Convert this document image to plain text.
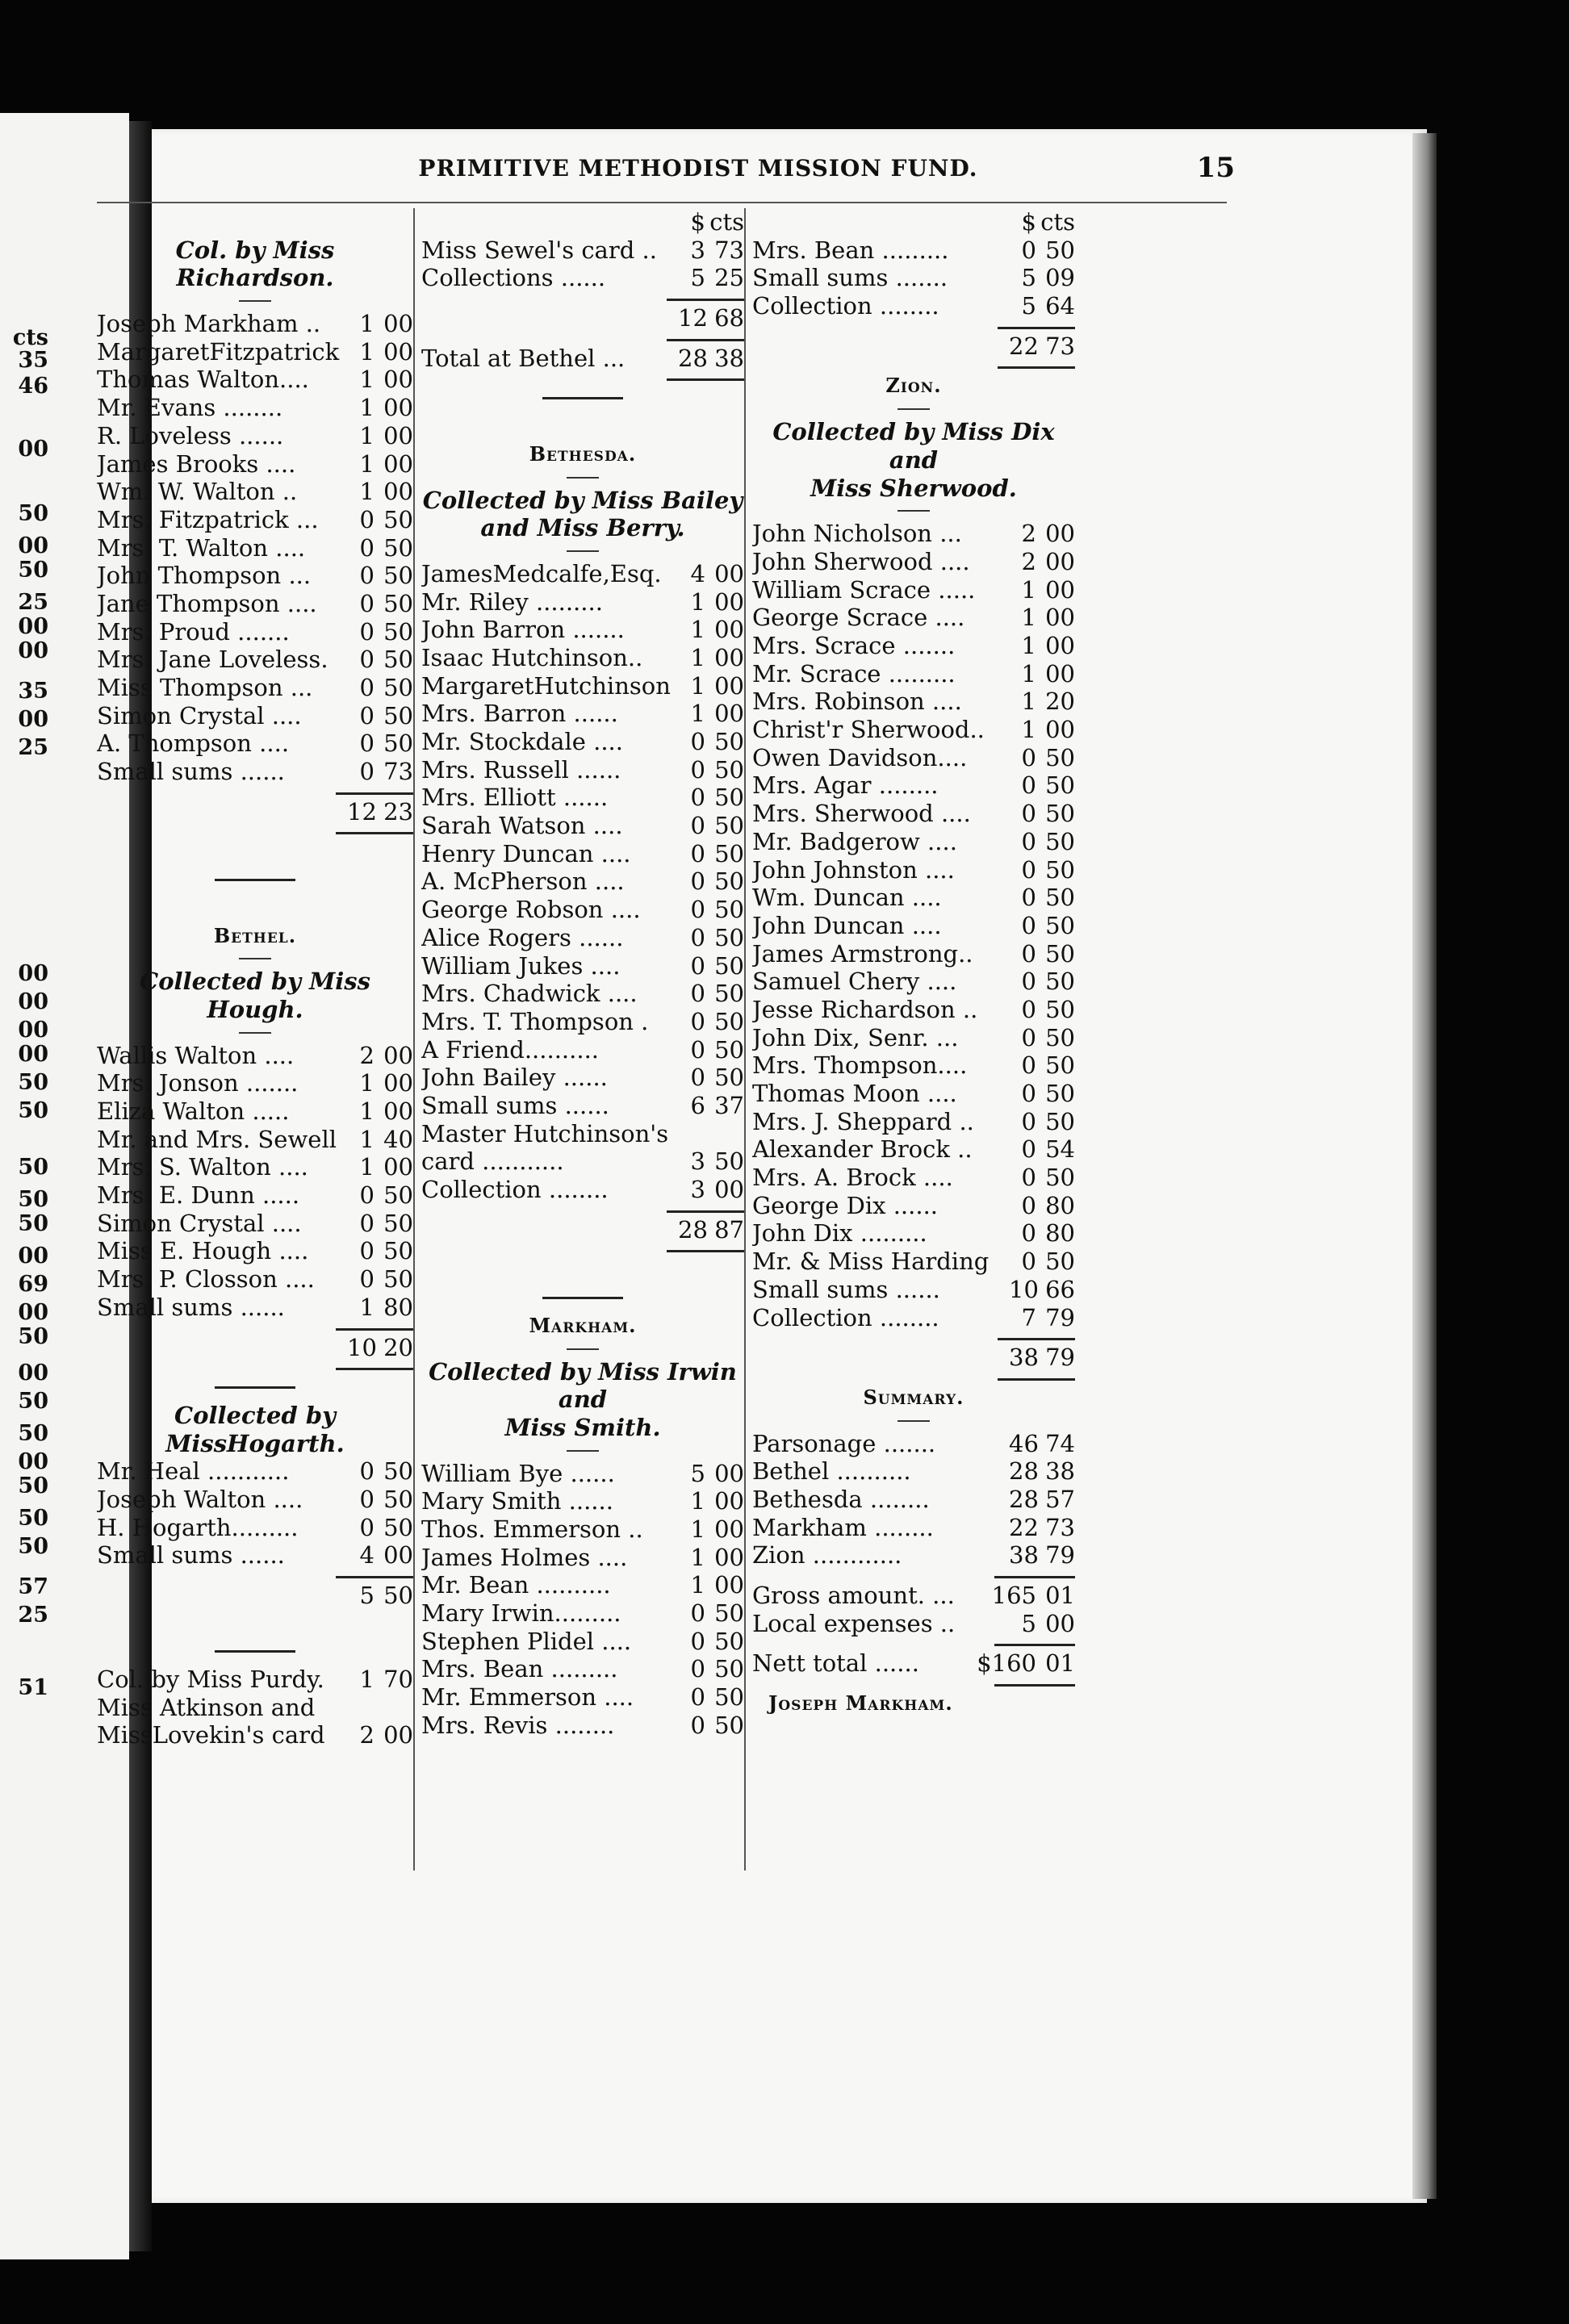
cts
35
46
00
50
00
50
25
00
00
35
00
25
00
00
00
00
50
50
50
50
50
00
69
00
50
00
50
50
00
50
50
50
57
25
51
PRIMITIVE METHODIST MISSION FUND.	15
Col. by Miss Richardson.
Joseph Markham ..	1 00
MargaretFitzpatrick 1 00
Thomas Walton....	1 00
Mr. Evans ........	1 00
R. Loveless ......	1 00
James Brooks ....	1 00
Wm. W. Walton ..	1 00
Mrs. Fitzpatrick ...	0 50
Mrs. T. Walton ....	0 50
John Thompson ...	0 50
Jane Thompson ....	0 50
Mrs. Proud .......	0 50
Mrs. Jane Loveless.	0 50
Miss Thompson ...	0 50
Simon Crystal ....	0 50
A. Thompson ....	0 50
Small sums ......	0 73
12 23
Bethel.
Collected by Miss Hough.
Wallis Walton ....	2 00
Mrs. Jonson .......	1 00
Eliza Walton .....	1 00
Mr. and Mrs. Sewell 1 40
Mrs. S. Walton ....	1 00
Mrs. E. Dunn .....	0 50
Simon Crystal ....	0 50
Miss E. Hough ....	0 50
Mrs. P. Closson ....	0 50
Small sums ......	1 80
10 20
Collected by MissHogarth.
Mr. Heal ...........	0 50
Joseph Walton ....	0 50
H. Hogarth.........	0 50
Small sums ......	4 00
5 50
Col. by Miss Purdy.	1 70
Miss Atkinson and
MissLovekin's card	2 00
$ cts
Miss Sewel's card ..	3 73
Collections ......	5 25
12 68
Total at Bethel ...	28 38
Bethesda.
Collected by Miss Bailey
and Miss Berry.
JamesMedcalfe,Esq.	4 00
Mr. Riley .........	1 00
John Barron .......	1 00
Isaac Hutchinson..	1 00
MargaretHutchinson 1 00
Mrs. Barron ......	1 00
Mr. Stockdale ....	0 50
Mrs. Russell ......	0 50
Mrs. Elliott ......	0 50
Sarah Watson ....	0 50
Henry Duncan ....	0 50
A. McPherson ....	0 50
George Robson ....	0 50
Alice Rogers ......	0 50
William Jukes ....	0 50
Mrs. Chadwick ....	0 50
Mrs. T. Thompson .	0 50
A Friend..........	0 50
John Bailey ......	0 50
Small sums ......	6 37
Master Hutchinson's
card ...........	3 50
Collection ........	3 00
28 87
Markham.
Collected by Miss Irwin and
Miss Smith.
William Bye ......	5 00
Mary Smith ......	1 00
Thos. Emmerson ..	1 00
James Holmes ....	1 00
Mr. Bean ..........	1 00
Mary Irwin.........	0 50
Stephen Plidel ....	0 50
Mrs. Bean .........	0 50
Mr. Emmerson ....	0 50
Mrs. Revis ........	0 50
$ cts
Mrs. Bean .........	0 50
Small sums .......	5 09
Collection ........	5 64
22 73
Zion.
Collected by Miss Dix and
Miss Sherwood.
John Nicholson ...	2 00
John Sherwood ....	2 00
William Scrace .....	1 00
George Scrace ....	1 00
Mrs. Scrace .......	1 00
Mr. Scrace .........	1 00
Mrs. Robinson ....	1 20
Christ'r Sherwood..	1 00
Owen Davidson....	0 50
Mrs. Agar ........	0 50
Mrs. Sherwood ....	0 50
Mr. Badgerow ....	0 50
John Johnston ....	0 50
Wm. Duncan ....	0 50
John Duncan ....	0 50
James Armstrong..	0 50
Samuel Chery ....	0 50
Jesse Richardson ..	0 50
John Dix, Senr. ...	0 50
Mrs. Thompson....	0 50
Thomas Moon ....	0 50
Mrs. J. Sheppard ..	0 50
Alexander Brock ..	0 54
Mrs. A. Brock ....	0 50
George Dix ......	0 80
John Dix .........	0 80
Mr. & Miss Harding	0 50
Small sums ......	10 66
Collection ........	7 79
38 79
Summary.
Parsonage .......	46 74
Bethel ..........	28 38
Bethesda ........	28 57
Markham ........	22 73
Zion ............	38 79
Gross amount. ...	165 01
Local expenses ..	5 00
Nett total ......	$160 01
Joseph Markham.
